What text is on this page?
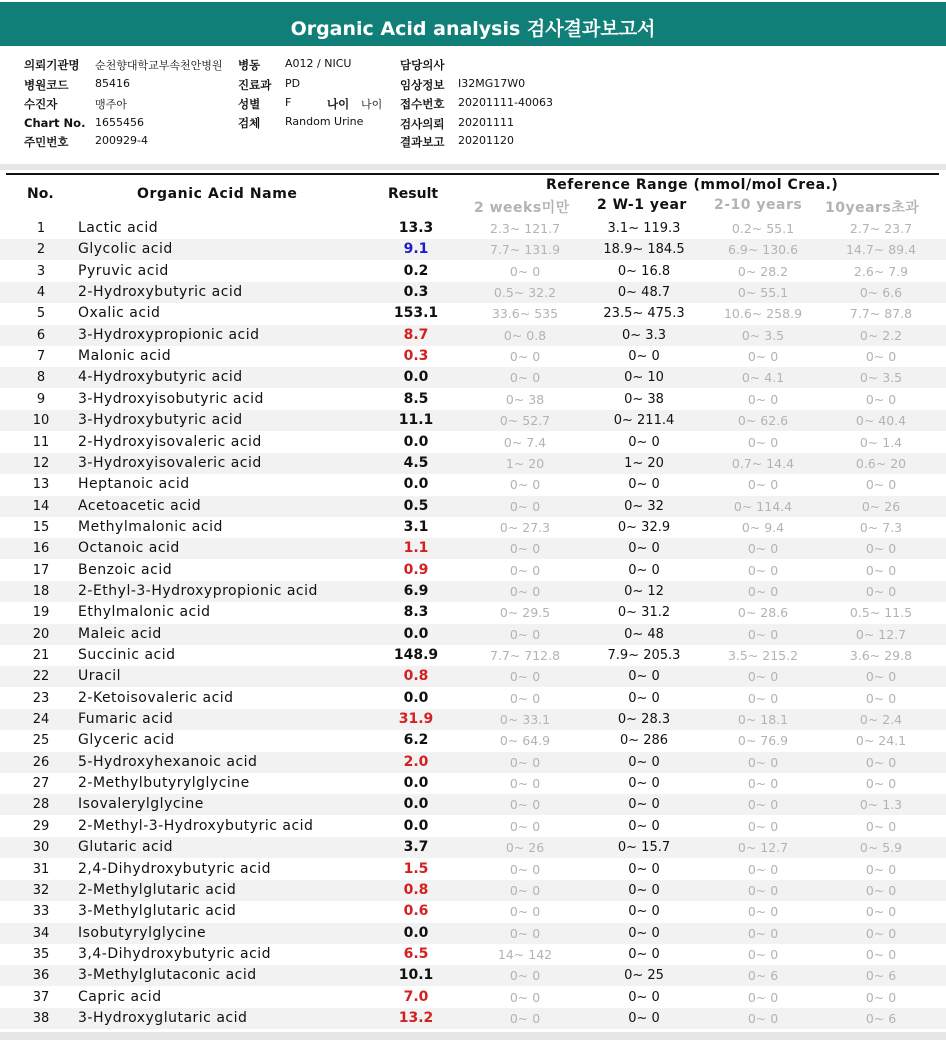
Organic Acid analysis 검사결과보고서
의뢰기관명 순천향대학교부속천안병원
병원코드 85416
수진자	맹주아
Chart No. 1655456
주민번호 200929-4
병동 A012 / NICU
진료과 PD
성별 F	나이 나이
검체 Random Urine
담당의사
임상정보 I32MG17W0
접수번호 20201111-40063
검사의뢰 20201111
결과보고 20201120
No.	Organic Acid Name	Result
Reference Range (mmol/mol Crea.)
2 weeks미만 2 W-1 year 2-10 years 10years초과
1	Lactic acid	13.3	2.3~ 121.7	3.1~ 119.3	0.2~ 55.1	2.7~ 23.7
2	Glycolic acid	9.1	7.7~ 131.9	18.9~ 184.5	6.9~ 130.6	14.7~ 89.4
3	Pyruvic acid	0.2	0~ 0	0~ 16.8	0~ 28.2	2.6~ 7.9
4	2-Hydroxybutyric acid	0.3	0.5~ 32.2	0~ 48.7	0~ 55.1	0~ 6.6
5	Oxalic acid	153.1	33.6~ 535	23.5~ 475.3	10.6~ 258.9	7.7~ 87.8
6	3-Hydroxypropionic acid	8.7	0~ 0.8	0~ 3.3	0~ 3.5	0~ 2.2
7	Malonic acid	0.3	0~ 0	0~ 0	0~ 0	0~ 0
8	4-Hydroxybutyric acid	0.0	0~ 0	0~ 10	0~ 4.1	0~ 3.5
9	3-Hydroxyisobutyric acid	8.5	0~ 38	0~ 38	0~ 0	0~ 0
10	3-Hydroxybutyric acid	11.1	0~ 52.7	0~ 211.4	0~ 62.6	0~ 40.4
11	2-Hydroxyisovaleric acid	0.0	0~ 7.4	0~ 0	0~ 0	0~ 1.4
12	3-Hydroxyisovaleric acid	4.5	1~ 20	1~ 20	0.7~ 14.4	0.6~ 20
13	Heptanoic acid	0.0	0~ 0	0~ 0	0~ 0	0~ 0
14	Acetoacetic acid	0.5	0~ 0	0~ 32	0~ 114.4	0~ 26
15	Methylmalonic acid	3.1	0~ 27.3	0~ 32.9	0~ 9.4	0~ 7.3
16	Octanoic acid	1.1	0~ 0	0~ 0	0~ 0	0~ 0
17	Benzoic acid	0.9	0~ 0	0~ 0	0~ 0	0~ 0
18	2-Ethyl-3-Hydroxypropionic acid	6.9	0~ 0	0~ 12	0~ 0	0~ 0
19	Ethylmalonic acid	8.3	0~ 29.5	0~ 31.2	0~ 28.6	0.5~ 11.5
20	Maleic acid	0.0	0~ 0	0~ 48	0~ 0	0~ 12.7
21	Succinic acid	148.9	7.7~ 712.8	7.9~ 205.3	3.5~ 215.2	3.6~ 29.8
22	Uracil	0.8	0~ 0	0~ 0	0~ 0	0~ 0
23	2-Ketoisovaleric acid	0.0	0~ 0	0~ 0	0~ 0	0~ 0
24	Fumaric acid	31.9	0~ 33.1	0~ 28.3	0~ 18.1	0~ 2.4
25	Glyceric acid	6.2	0~ 64.9	0~ 286	0~ 76.9	0~ 24.1
26	5-Hydroxyhexanoic acid	2.0	0~ 0	0~ 0	0~ 0	0~ 0
27	2-Methylbutyrylglycine	0.0	0~ 0	0~ 0	0~ 0	0~ 0
28	Isovalerylglycine	0.0	0~ 0	0~ 0	0~ 0	0~ 1.3
29	2-Methyl-3-Hydroxybutyric acid	0.0	0~ 0	0~ 0	0~ 0	0~ 0
30	Glutaric acid	3.7	0~ 26	0~ 15.7	0~ 12.7	0~ 5.9
31	2,4-Dihydroxybutyric acid	1.5	0~ 0	0~ 0	0~ 0	0~ 0
32	2-Methylglutaric acid	0.8	0~ 0	0~ 0	0~ 0	0~ 0
33	3-Methylglutaric acid	0.6	0~ 0	0~ 0	0~ 0	0~ 0
34	Isobutyrylglycine	0.0	0~ 0	0~ 0	0~ 0	0~ 0
35	3,4-Dihydroxybutyric acid	6.5	14~ 142	0~ 0	0~ 0	0~ 0
36	3-Methylglutaconic acid	10.1	0~ 0	0~ 25	0~ 6	0~ 6
37	Capric acid	7.0	0~ 0	0~ 0	0~ 0	0~ 0
38	3-Hydroxyglutaric acid	13.2	0~ 0	0~ 0	0~ 0	0~ 6
